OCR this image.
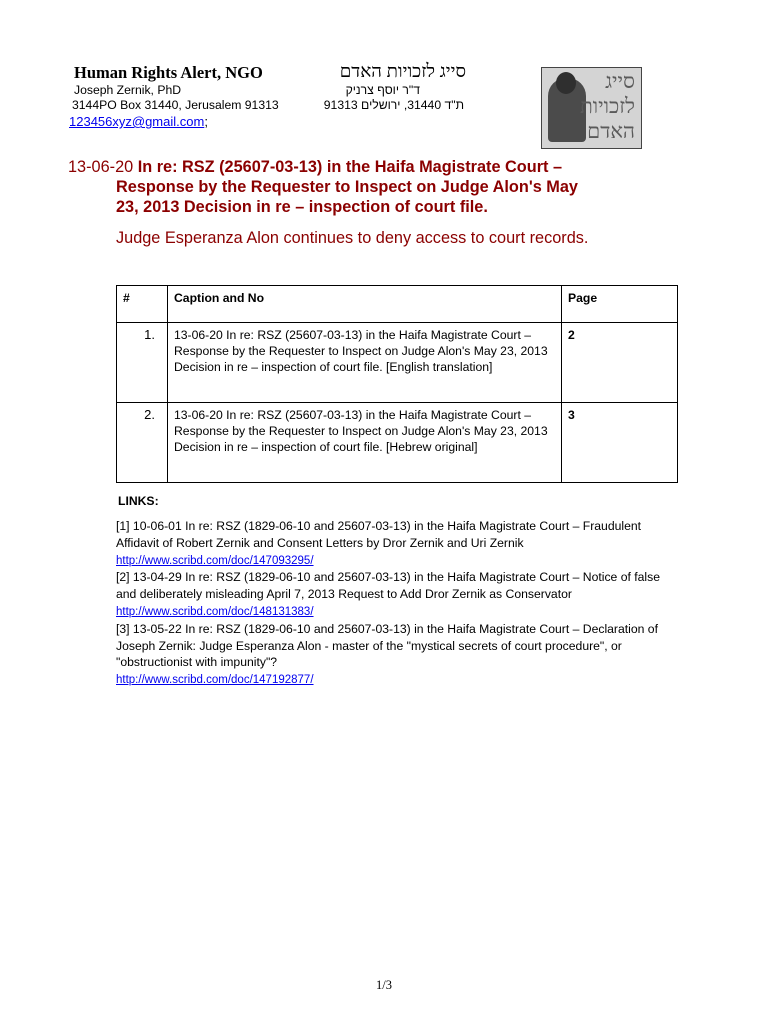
Human Rights Alert, NGO	סייג לזכויות האדם
Joseph Zernik, PhD	ד"ר יוסף צרניק
3144PO Box 31440, Jerusalem 91313	ת"ד 31440, ירושלים 91313
123456xyz@gmail.com;
סייג
לזכויות
האדם
13-06-20 In re: RSZ (25607-03-13) in the Haifa Magistrate Court –
Response by the Requester to Inspect on Judge Alon's May
23, 2013 Decision in re – inspection of court file.
Judge Esperanza Alon continues to deny access to court records.
#	Caption and No	Page
1.	13-06-20 In re: RSZ (25607-03-13) in the Haifa Magistrate Court – Response by the Requester to Inspect on Judge Alon's May 23, 2013 Decision in re – inspection of court file. [English translation]	2
2.	13-06-20 In re: RSZ (25607-03-13) in the Haifa Magistrate Court – Response by the Requester to Inspect on Judge Alon's May 23, 2013 Decision in re – inspection of court file. [Hebrew original]	3
LINKS:
[1] 10-06-01 In re: RSZ (1829-06-10 and 25607-03-13) in the Haifa Magistrate Court – Fraudulent Affidavit of Robert Zernik and Consent Letters by Dror Zernik and Uri Zernik
http://www.scribd.com/doc/147093295/
[2] 13-04-29 In re: RSZ (1829-06-10 and 25607-03-13) in the Haifa Magistrate Court – Notice of false and deliberately misleading April 7, 2013 Request to Add Dror Zernik as Conservator
http://www.scribd.com/doc/148131383/
[3] 13-05-22 In re: RSZ (1829-06-10 and 25607-03-13) in the Haifa Magistrate Court – Declaration of Joseph Zernik: Judge Esperanza Alon - master of the "mystical secrets of court procedure", or "obstructionist with impunity"?
http://www.scribd.com/doc/147192877/
1/3
